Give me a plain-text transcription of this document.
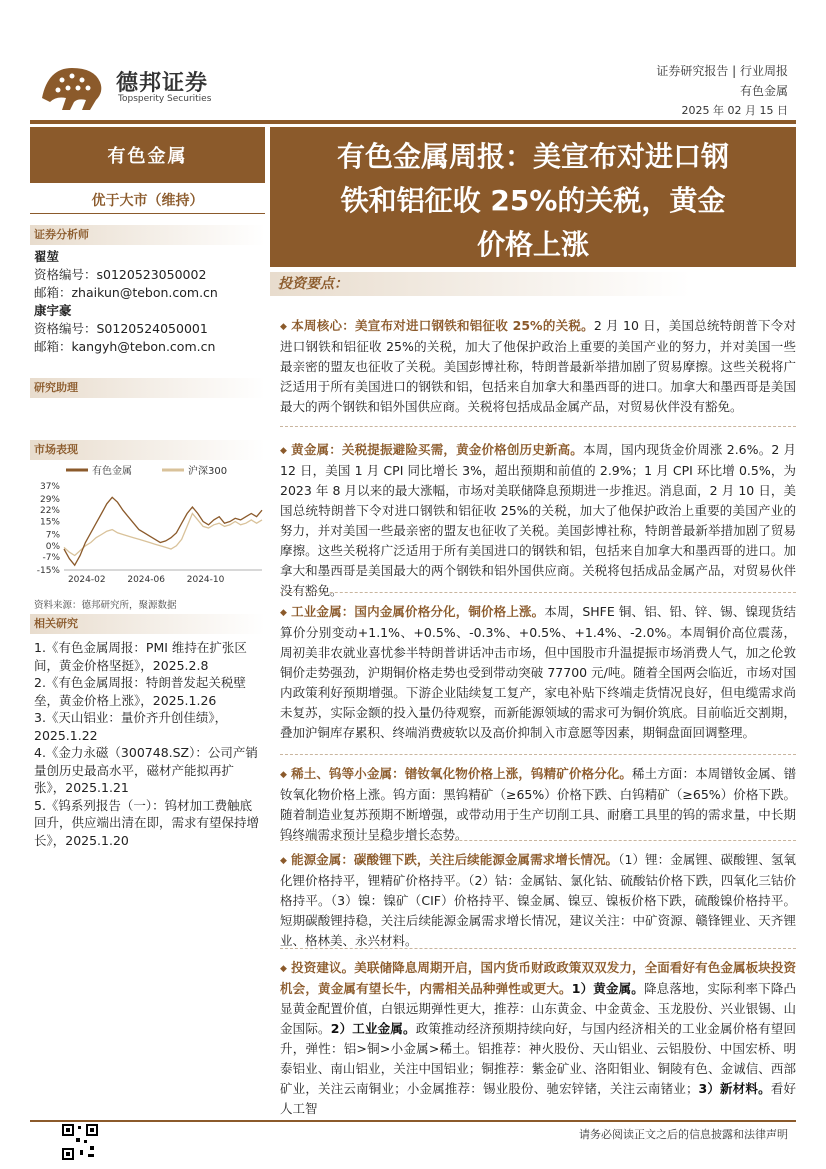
德邦证券
Topsperity Securities
证券研究报告 | 行业周报
有色金属
2025 年 02 月 15 日
有色金属
优于大市（维持）
证券分析师
翟堃
资格编号：s0120523050002
邮箱：zhaikun@tebon.com.cn
康宇豪
资格编号：S0120524050001
邮箱：kangyh@tebon.com.cn
研究助理
市场表现
有色金属	沪深300
37%
29%
22%
15%
7%
0%
-7%
-15%
2024-02 2024-06 2024-10
资料来源：德邦研究所，聚源数据
相关研究
1.《有色金属周报：PMI 维持在扩张区间，黄金价格坚挺》，2025.2.8
2.《有色金属周报：特朗普发起关税壁垒，黄金价格上涨》，2025.1.26
3.《天山铝业：量价齐升创佳绩》，2025.1.22
4.《金力永磁（300748.SZ）：公司产销量创历史最高水平，磁材产能拟再扩张》，2025.1.21
5.《钨系列报告（一）：钨材加工费触底回升，供应端出清在即，需求有望保持增长》，2025.1.20
有色金属周报：美宣布对进口钢
铁和铝征收 25%的关税，黄金
价格上涨
投资要点：
◆ 本周核心：美宣布对进口钢铁和铝征收 25%的关税。2 月 10 日，美国总统特朗普下令对进口钢铁和铝征收 25%的关税，加大了他保护政治上重要的美国产业的努力，并对美国一些最亲密的盟友也征收了关税。美国彭博社称，特朗普最新举措加剧了贸易摩擦。这些关税将广泛适用于所有美国进口的钢铁和铝，包括来自加拿大和墨西哥的进口。加拿大和墨西哥是美国最大的两个钢铁和铝外国供应商。关税将包括成品金属产品，对贸易伙伴没有豁免。
◆ 黄金属：关税提振避险买需，黄金价格创历史新高。本周，国内现货金价周涨 2.6%。2 月 12 日，美国 1 月 CPI 同比增长 3%，超出预期和前值的 2.9%；1 月 CPI 环比增 0.5%，为 2023 年 8 月以来的最大涨幅，市场对美联储降息预期进一步推迟。消息面，2 月 10 日，美国总统特朗普下令对进口钢铁和铝征收 25%的关税，加大了他保护政治上重要的美国产业的努力，并对美国一些最亲密的盟友也征收了关税。美国彭博社称，特朗普最新举措加剧了贸易摩擦。这些关税将广泛适用于所有美国进口的钢铁和铝，包括来自加拿大和墨西哥的进口。加拿大和墨西哥是美国最大的两个钢铁和铝外国供应商。关税将包括成品金属产品，对贸易伙伴没有豁免。
◆ 工业金属：国内金属价格分化，铜价格上涨。本周，SHFE 铜、铝、铅、锌、锡、镍现货结算价分别变动+1.1%、+0.5%、-0.3%、+0.5%、+1.4%、-2.0%。本周铜价高位震荡，周初美非农就业喜忧参半特朗普讲话冲击市场，但中国股市升温提振市场消费人气，加之伦敦铜价走势强劲，沪期铜价格走势也受到带动突破 77700 元/吨。随着全国两会临近，市场对国内政策利好预期增强。下游企业陆续复工复产，家电补贴下终端走货情况良好，但电缆需求尚未复苏，实际金额的投入量仍待观察，而新能源领域的需求可为铜价筑底。目前临近交割期，叠加沪铜库存累积、终端消费疲软以及高价抑制入市意愿等因素，期铜盘面回调整理。
◆ 稀土、钨等小金属：镨钕氧化物价格上涨，钨精矿价格分化。稀土方面：本周镨钕金属、镨钕氧化物价格上涨。钨方面：黑钨精矿（≥65%）价格下跌、白钨精矿（≥65%）价格下跌。随着制造业复苏预期不断增强，或带动用于生产切削工具、耐磨工具里的钨的需求量，中长期钨终端需求预计呈稳步增长态势。
◆ 能源金属：碳酸锂下跌，关注后续能源金属需求增长情况。（1）锂：金属锂、碳酸锂、氢氧化锂价格持平，锂精矿价格持平。（2）钴：金属钴、氯化钴、硫酸钴价格下跌，四氧化三钴价格持平。（3）镍：镍矿（CIF）价格持平、镍金属、镍豆、镍板价格下跌，硫酸镍价格持平。短期碳酸锂持稳，关注后续能源金属需求增长情况，建议关注：中矿资源、赣锋锂业、天齐锂业、格林美、永兴材料。
◆ 投资建议。美联储降息周期开启，国内货币财政政策双双发力，全面看好有色金属板块投资机会，黄金属有望长牛，内需相关品种弹性或更大。1）黄金属。降息落地，实际利率下降凸显黄金配置价值，白银远期弹性更大，推荐：山东黄金、中金黄金、玉龙股份、兴业银锡、山金国际。2）工业金属。政策推动经济预期持续向好，与国内经济相关的工业金属价格有望回升，弹性：铝>铜>小金属>稀土。铝推荐：神火股份、天山铝业、云铝股份、中国宏桥、明泰铝业、南山铝业，关注中国铝业；铜推荐：紫金矿业、洛阳钼业、铜陵有色、金诚信、西部矿业，关注云南铜业；小金属推荐：锡业股份、驰宏锌锗，关注云南锗业；3）新材料。看好人工智
请务必阅读正文之后的信息披露和法律声明
